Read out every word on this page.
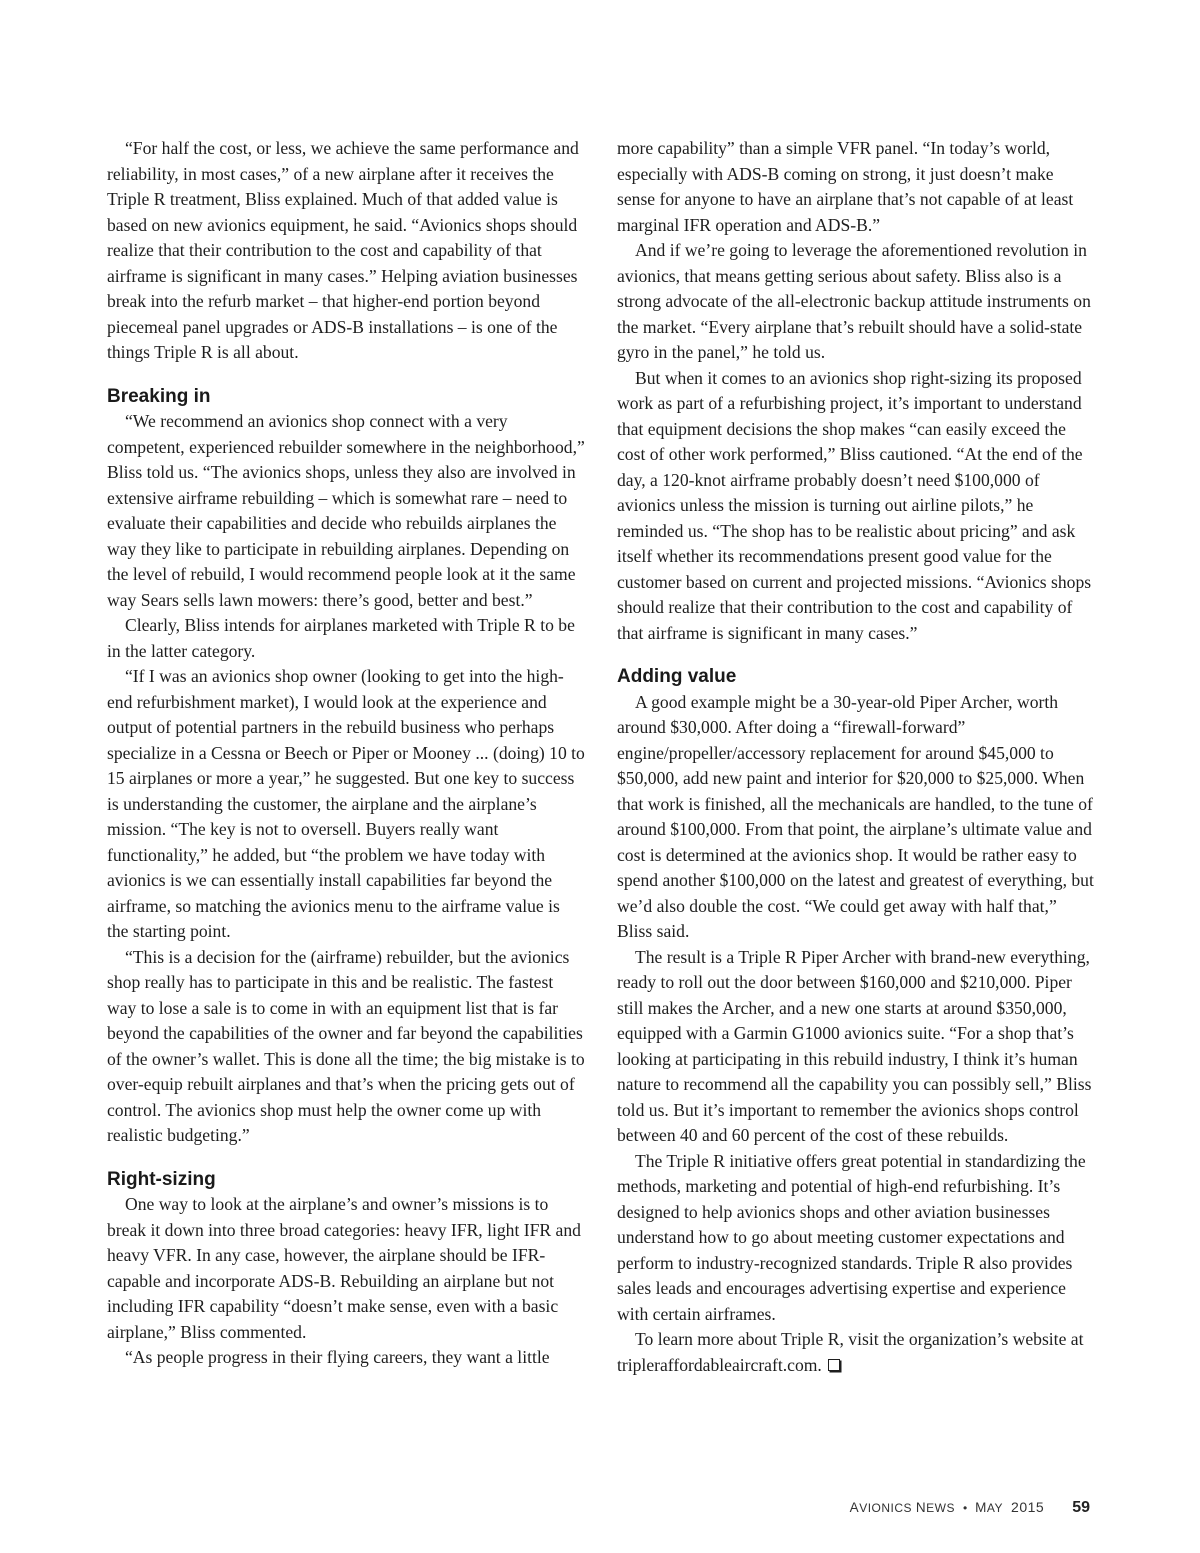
“For half the cost, or less, we achieve the same performance and reliability, in most cases,” of a new airplane after it receives the Triple R treatment, Bliss explained. Much of that added value is based on new avionics equipment, he said. “Avionics shops should realize that their contribution to the cost and capability of that airframe is significant in many cases.” Helping aviation businesses break into the refurb market – that higher-end portion beyond piecemeal panel upgrades or ADS-B installations – is one of the things Triple R is all about.

Breaking in

“We recommend an avionics shop connect with a very competent, experienced rebuilder somewhere in the neighborhood,” Bliss told us. “The avionics shops, unless they also are involved in extensive airframe rebuilding – which is somewhat rare – need to evaluate their capabilities and decide who rebuilds airplanes the way they like to participate in rebuilding airplanes. Depending on the level of rebuild, I would recommend people look at it the same way Sears sells lawn mowers: there’s good, better and best.”

Clearly, Bliss intends for airplanes marketed with Triple R to be in the latter category.

“If I was an avionics shop owner (looking to get into the high-end refurbishment market), I would look at the experience and output of potential partners in the rebuild business who perhaps specialize in a Cessna or Beech or Piper or Mooney ... (doing) 10 to 15 airplanes or more a year,” he suggested. But one key to success is understanding the customer, the airplane and the airplane’s mission. “The key is not to oversell. Buyers really want functionality,” he added, but “the problem we have today with avionics is we can essentially install capabilities far beyond the airframe, so matching the avionics menu to the airframe value is the starting point.

“This is a decision for the (airframe) rebuilder, but the avionics shop really has to participate in this and be realistic. The fastest way to lose a sale is to come in with an equipment list that is far beyond the capabilities of the owner and far beyond the capabilities of the owner’s wallet. This is done all the time; the big mistake is to over-equip rebuilt airplanes and that’s when the pricing gets out of control. The avionics shop must help the owner come up with realistic budgeting.”

Right-sizing

One way to look at the airplane’s and owner’s missions is to break it down into three broad categories: heavy IFR, light IFR and heavy VFR. In any case, however, the airplane should be IFR-capable and incorporate ADS-B. Rebuilding an airplane but not including IFR capability “doesn’t make sense, even with a basic airplane,” Bliss commented.

“As people progress in their flying careers, they want a little

more capability” than a simple VFR panel. “In today’s world, especially with ADS-B coming on strong, it just doesn’t make sense for anyone to have an airplane that’s not capable of at least marginal IFR operation and ADS-B.”

And if we’re going to leverage the aforementioned revolution in avionics, that means getting serious about safety. Bliss also is a strong advocate of the all-electronic backup attitude instruments on the market. “Every airplane that’s rebuilt should have a solid-state gyro in the panel,” he told us.

But when it comes to an avionics shop right-sizing its proposed work as part of a refurbishing project, it’s important to understand that equipment decisions the shop makes “can easily exceed the cost of other work performed,” Bliss cautioned. “At the end of the day, a 120-knot airframe probably doesn’t need $100,000 of avionics unless the mission is turning out airline pilots,” he reminded us. “The shop has to be realistic about pricing” and ask itself whether its recommendations present good value for the customer based on current and projected missions. “Avionics shops should realize that their contribution to the cost and capability of that airframe is significant in many cases.”

Adding value

A good example might be a 30-year-old Piper Archer, worth around $30,000. After doing a “firewall-forward” engine/propeller/accessory replacement for around $45,000 to $50,000, add new paint and interior for $20,000 to $25,000. When that work is finished, all the mechanicals are handled, to the tune of around $100,000. From that point, the airplane’s ultimate value and cost is determined at the avionics shop. It would be rather easy to spend another $100,000 on the latest and greatest of everything, but we’d also double the cost. “We could get away with half that,” Bliss said.

The result is a Triple R Piper Archer with brand-new everything, ready to roll out the door between $160,000 and $210,000. Piper still makes the Archer, and a new one starts at around $350,000, equipped with a Garmin G1000 avionics suite. “For a shop that’s looking at participating in this rebuild industry, I think it’s human nature to recommend all the capability you can possibly sell,” Bliss told us. But it’s important to remember the avionics shops control between 40 and 60 percent of the cost of these rebuilds.

The Triple R initiative offers great potential in standardizing the methods, marketing and potential of high-end refurbishing. It’s designed to help avionics shops and other aviation businesses understand how to go about meeting customer expectations and perform to industry-recognized standards. Triple R also provides sales leads and encourages advertising expertise and experience with certain airframes.

To learn more about Triple R, visit the organization’s website at tripleraffordableaircraft.com.

AVIONICS NEWS • MAY 2015 59
